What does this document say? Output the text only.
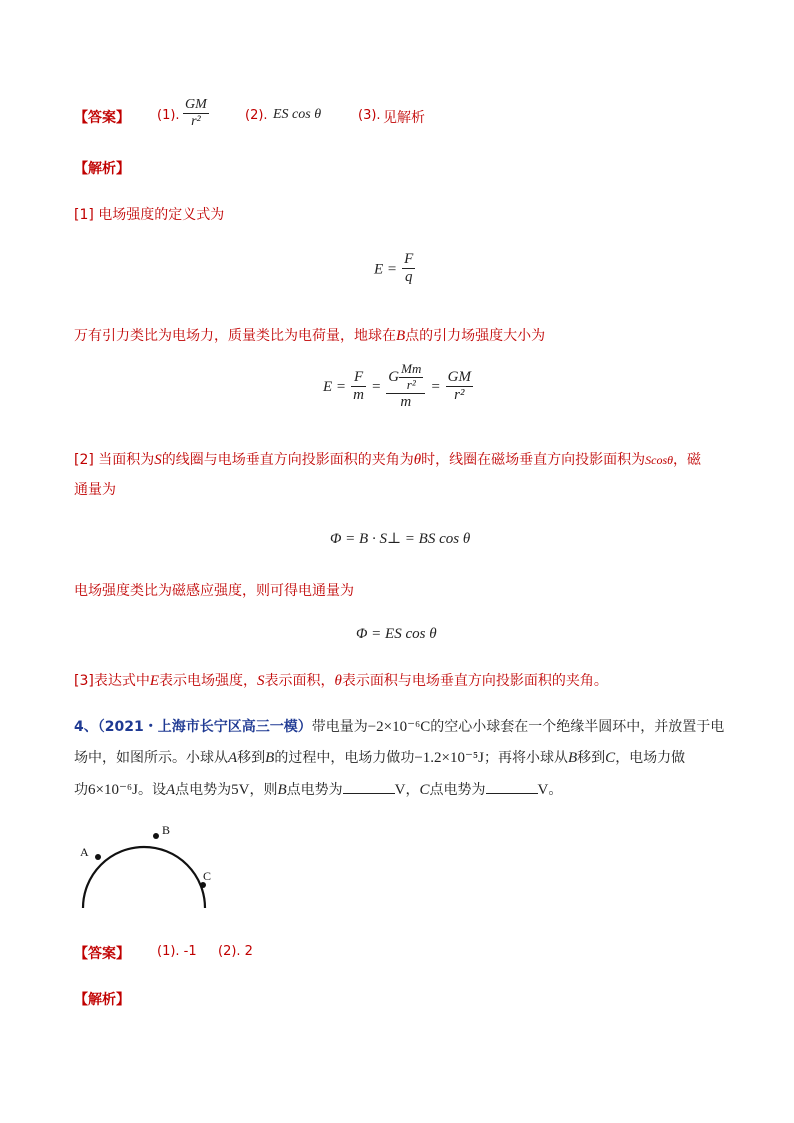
【答案】 (1). $\frac{GM}{\text{r²}}$	(2). ES cos θ	(3). 见解析
【解析】
[1] 电场强度的定义式为
$E = \frac{F}{q}$
万有引力类比为电场力，质量类比为电荷量，地球在B点的引力场强度大小为
$E = \frac{F}{m} = \frac{G \frac{Mm}{\text{r²}}}{m} = \frac{GM}{\text{r²}}$
[2] 当面积为S的线圈与电场垂直方向投影面积的夹角为θ时，线圈在磁场垂直方向投影面积为Scosθ，磁
通量为
Φ = B · S⊥ = BS cos θ
电场强度类比为磁感应强度，则可得电通量为
Φ = ES cos θ
[3]表达式中E表示电场强度，S表示面积，θ表示面积与电场垂直方向投影面积的夹角。
4、（2021・上海市长宁区高三一模）带电量为−2×10⁻⁶C的空心小球套在一个绝缘半圆环中，并放置于电
场中，如图所示。小球从A移到B的过程中，电场力做功−1.2×10⁻⁵J；再将小球从B移到C，电场力做
功6×10⁻⁶J。设A点电势为5V，则B点电势为	V，C点电势为	V。
A
B
C
【答案】 (1). -1 (2). 2
【解析】
